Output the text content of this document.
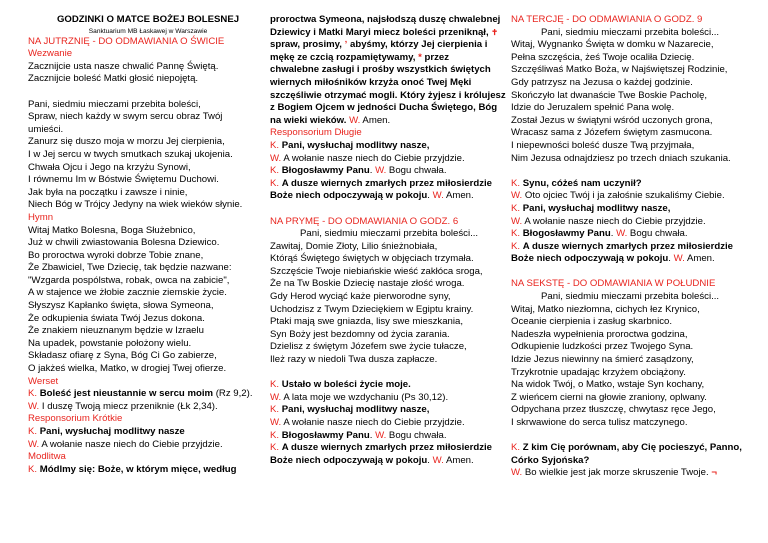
GODZINKI O MATCE BOŻEJ BOLESNEJ

Sanktuarium MB Łaskawej w Warszawie

NA JUTRZNIĘ - DO ODMAWIANIA O ŚWICIE

Wezwanie

Zacznijcie usta nasze chwalić Pannę Świętą.

Zacznijcie boleść Matki głosić niepojętą.

Pani, siedmiu mieczami przebita boleści,

Spraw, niech każdy w swym sercu obraz Twój

umieści.

Zanurz się duszo moja w morzu Jej cierpienia,

I w Jej sercu w twych smutkach szukaj ukojenia.

Chwała Ojcu i Jego na krzyżu Synowi,

I równemu Im w Bóstwie Świętemu Duchowi.

Jak była na początku i zawsze i ninie,

Niech Bóg w Trójcy Jedyny na wiek wieków słynie.

Hymn

Witaj Matko Bolesna, Boga Służebnico,

Już w chwili zwiastowania Bolesna Dziewico.

Bo proroctwa wyroki dobrze Tobie znane,

Że Zbawiciel, Twe Dziecię, tak będzie nazwane:

"Wzgarda pospólstwa, robak, owca na zabicie",

A w stajence we żłobie zacznie ziemskie życie.

Słyszysz Kapłanko święta, słowa Symeona,

Że odkupienia świata Twój Jezus dokona.

Że znakiem nieuznanym będzie w Izraelu

Na upadek, powstanie położony wielu.

Składasz ofiarę z Syna, Bóg Ci Go zabierze,

O jakżeś wielka, Matko, w drogiej Twej ofierze.

Werset

K. Boleść jest nieustannie w sercu moim (Rz 9,2).

W. I duszę Twoją miecz przeniknie (Łk 2,34).

Responsorium Krótkie

K. Pani, wysłuchaj modlitwy nasze

W. A wołanie nasze niech do Ciebie przyjdzie.

Modlitwa

K. Módlmy się: Boże, w którym mięce, według

proroctwa Symeona, najsłodszą duszę chwalebnej

Dziewicy i Matki Maryi miecz boleści przeniknął, ✝

spraw, prosimy, ʼ abyśmy, którzy Jej cierpienia i

mękę ze czcią rozpamiętywamy, * przez

chwalebne zasługi i prośby wszystkich świętych

wiernych miłośników krzyża onoć Twej Męki

szczęśliwie otrzymać mogli. Który żyjesz i królujesz

z Bogiem Ojcem w jedności Ducha Świętego, Bóg

na wieki wieków. W. Amen.

Responsorium Długie

K. Pani, wysłuchaj modlitwy nasze,

W. A wołanie nasze niech do Ciebie przyjdzie.

K. Błogosławmy Panu. W. Bogu chwała.

K. A dusze wiernych zmarłych przez miłosierdzie

Boże niech odpoczywają w pokoju. W. Amen.

NA PRYMĘ - DO ODMAWIANIA O GODZ. 6

Pani, siedmiu mieczami przebita boleści...

Zawitaj, Domie Złoty, Lilio śnieżnobiała,

Którąś Świętego świętych w objęciach trzymała.

Szczęście Twoje niebiańskie wieść zakłóca sroga,

Że na Tw Boskie Dziecię nastaje złość wroga.

Gdy Herod wyciąć każe pierworodne syny,

Uchodzisz z Twym Dzieciękiem w Egiptu krainy.

Ptaki mają swe gniazda, lisy swe mieszkania,

Syn Boży jest bezdomny od życia zarania.

Dzielisz z świętym Józefem swe życie tułacze,

Ileż razy w niedoli Twa dusza zapłacze.

K. Ustało w boleści życie moje.

W. A lata moje we wzdychaniu (Ps 30,12).

K. Pani, wysłuchaj modlitwy nasze,

W. A wołanie nasze niech do Ciebie przyjdzie.

K. Błogosławmy Panu. W. Bogu chwała.

K. A dusze wiernych zmarłych przez miłosierdzie

Boże niech odpoczywają w pokoju. W. Amen.

NA TERCJĘ - DO ODMAWIANIA O GODZ. 9

Pani, siedmiu mieczami przebita boleści...

Witaj, Wygnanko Święta w domku w Nazarecie,

Pełna szczęścia, żeś Twoje ocaliła Dziecię.

Szczęśliwaś Matko Boża, w Najświętszej Rodzinie,

Gdy patrzysz na Jezusa o każdej godzinie.

Skończyło lat dwanaście Twe Boskie Pacholę,

Idzie do Jeruzalem spełnić Pana wolę.

Został Jezus w świątyni wśród uczonych grona,

Wracasz sama z Józefem świętym zasmucona.

I niepewności boleść dusze Twą przyjmała,

Nim Jezusa odnajdziesz po trzech dniach szukania.

K. Synu, cóżeś nam uczynił?

W. Oto ojciec Twój i ja załośnie szukaliśmy Ciebie.

K. Pani, wysłuchaj modlitwy nasze,

W. A wołanie nasze niech do Ciebie przyjdzie.

K. Błogosławmy Panu. W. Bogu chwała.

K. A dusze wiernych zmarłych przez miłosierdzie

Boże niech odpoczywają w pokoju. W. Amen.

NA SEKSTĘ - DO ODMAWIANIA W POŁUDNIE

Pani, siedmiu mieczami przebita boleści...

Witaj, Matko niezłomna, cichych łez Krynico,

Oceanie cierpienia i zasług skarbnico.

Nadeszła wypełnienia proroctwa godzina,

Odkupienie ludzkości przez Twojego Syna.

Idzie Jezus niewinny na śmierć zasądzony,

Trzykrotnie upadając krzyżem obciążony.

Na widok Twój, o Matko, wstaje Syn kochany,

Z wieńcem cierni na głowie zraniony, oplwany.

Odpychana przez tłuszczę, chwytasz ręce Jego,

I skrwawione do serca tulisz matczynego.

K. Z kim Cię porównam, aby Cię pocieszyć, Panno,

Córko Syjońska?

W. Bo wielkie jest jak morze skruszenie Twoje. ¬
